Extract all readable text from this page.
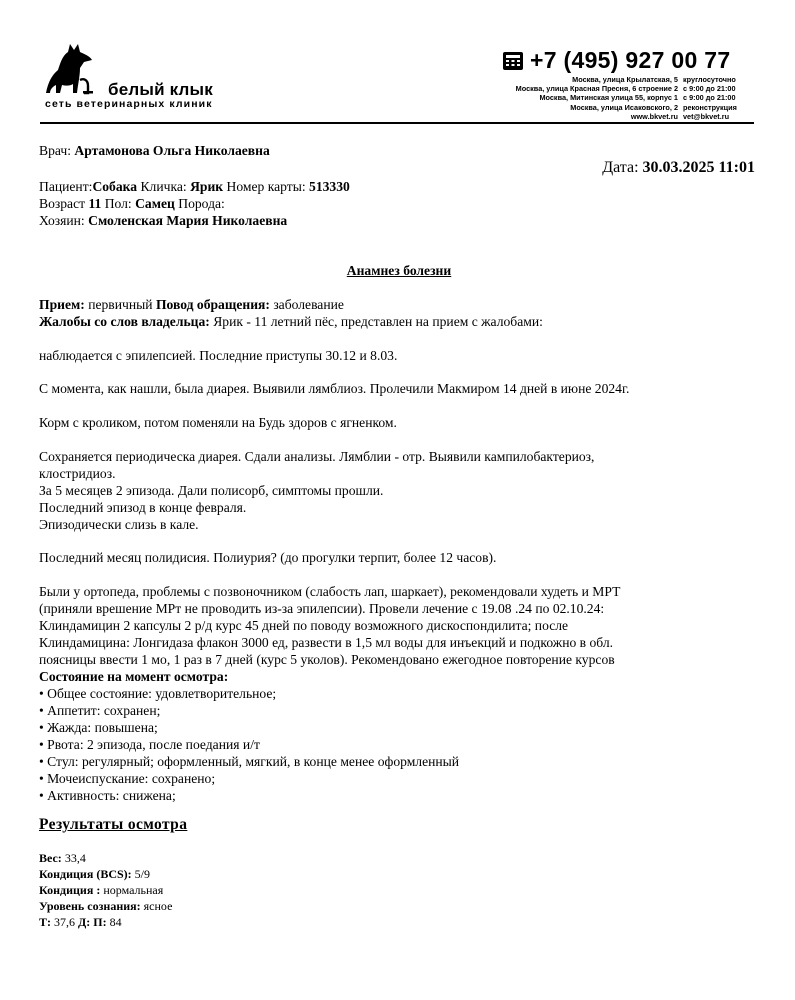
белый клык
сеть ветеринарных клиник
+7 (495) 927 00 77
Москва, улица Крылатская, 5
Москва, улица Красная Пресня, 6 строение 2
Москва, Митинская улица 55, корпус 1
Москва, улица Исаковского, 2
www.bkvet.ru
круглосуточно
с 9:00 до 21:00
с 9:00 до 21:00
реконструкция
vet@bkvet.ru
Врач: Артамонова Ольга Николаевна
Дата: 30.03.2025 11:01
Пациент:Собака Кличка: Ярик Номер карты: 513330
Возраст 11 Пол: Самец Порода:
Хозяин: Смоленская Мария Николаевна
Анамнез болезни
Прием: первичный Повод обращения: заболевание
Жалобы со слов владельца: Ярик - 11 летний пёс, представлен на прием с жалобами:
наблюдается с эпилепсией. Последние приступы 30.12 и 8.03.
С момента, как нашли, была диарея. Выявили лямблиоз. Пролечили Макмиром 14 дней в июне 2024г.
Корм с кроликом, потом поменяли на Будь здоров с ягненком.
Сохраняется периодическа диарея. Сдали анализы. Лямблии - отр. Выявили кампилобактериоз,
клостридиоз.
За 5 месяцев 2 эпизода. Дали полисорб, симптомы прошли.
Последний эпизод в конце февраля.
Эпизодически слизь в кале.
Последний месяц полидисия. Полиурия? (до прогулки терпит, более 12 часов).
Были у ортопеда, проблемы с позвоночником (слабость лап, шаркает), рекомендовали худеть и МРТ
(приняли врешение МРт не проводить из-за эпилепсии). Провели лечение с 19.08 .24 по 02.10.24:
Клиндамицин 2 капсулы 2 р/д курс 45 дней по поводу возможного дискоспондилита; после
Клиндамицина: Лонгидаза флакон 3000 ед, развести в 1,5 мл воды для инъекций и подкожно в обл.
поясницы ввести 1 мо, 1 раз в 7 дней (курс 5 уколов). Рекомендовано ежегодное повторение курсов
Состояние на момент осмотра:
• Общее состояние: удовлетворительное;
• Аппетит: сохранен;
• Жажда: повышена;
• Рвота: 2 эпизода, после поедания и/т
• Стул: регулярный; оформленный, мягкий, в конце менее оформленный
• Мочеиспускание: сохранено;
• Активность: снижена;
Результаты осмотра
Вес: 33,4
Кондиция (BCS): 5/9
Кондиция : нормальная
Уровень сознания: ясное
Т: 37,6 Д: П: 84
